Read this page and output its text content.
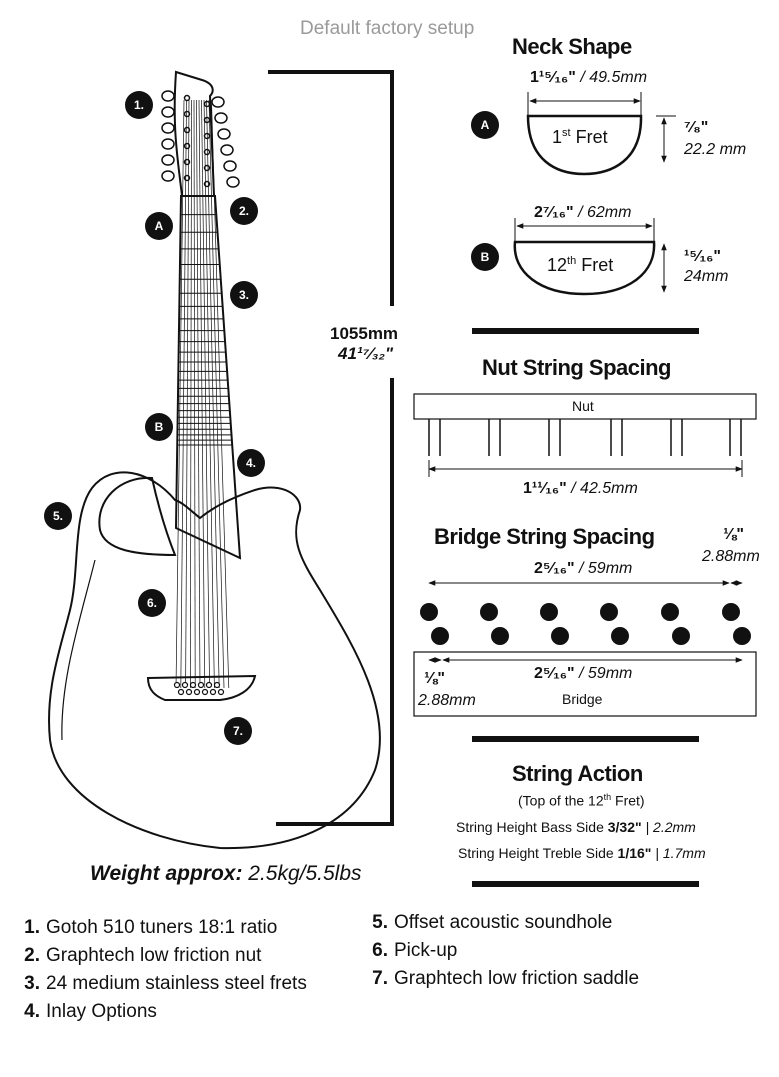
Default factory setup
1.
2.
3.
4.
5.
6.
7.
A
B
1055mm
41¹⁷⁄₃₂"
Neck Shape
1¹⁵⁄₁₆" / 49.5mm
A
1st Fret	⁷⁄₈"
22.2 mm
2⁷⁄₁₆" / 62mm
B	12th Fret	¹⁵⁄₁₆"
24mm
Nut String Spacing
Nut
1¹¹⁄₁₆" / 42.5mm
Bridge String Spacing	⅛"
2.88mm
2⁵⁄₁₆" / 59mm
2⁵⁄₁₆" / 59mm
⅛"
2.88mm	Bridge
String Action
(Top of the 12th Fret)
String Height Bass Side 3/32" | 2.2mm
String Height Treble Side 1/16" | 1.7mm
Weight approx: 2.5kg/5.5lbs
1. Gotoh 510 tuners 18:1 ratio
2. Graphtech low friction nut
3. 24 medium stainless steel frets
4. Inlay Options
5. Offset acoustic soundhole
6. Pick-up
7. Graphtech low friction saddle
